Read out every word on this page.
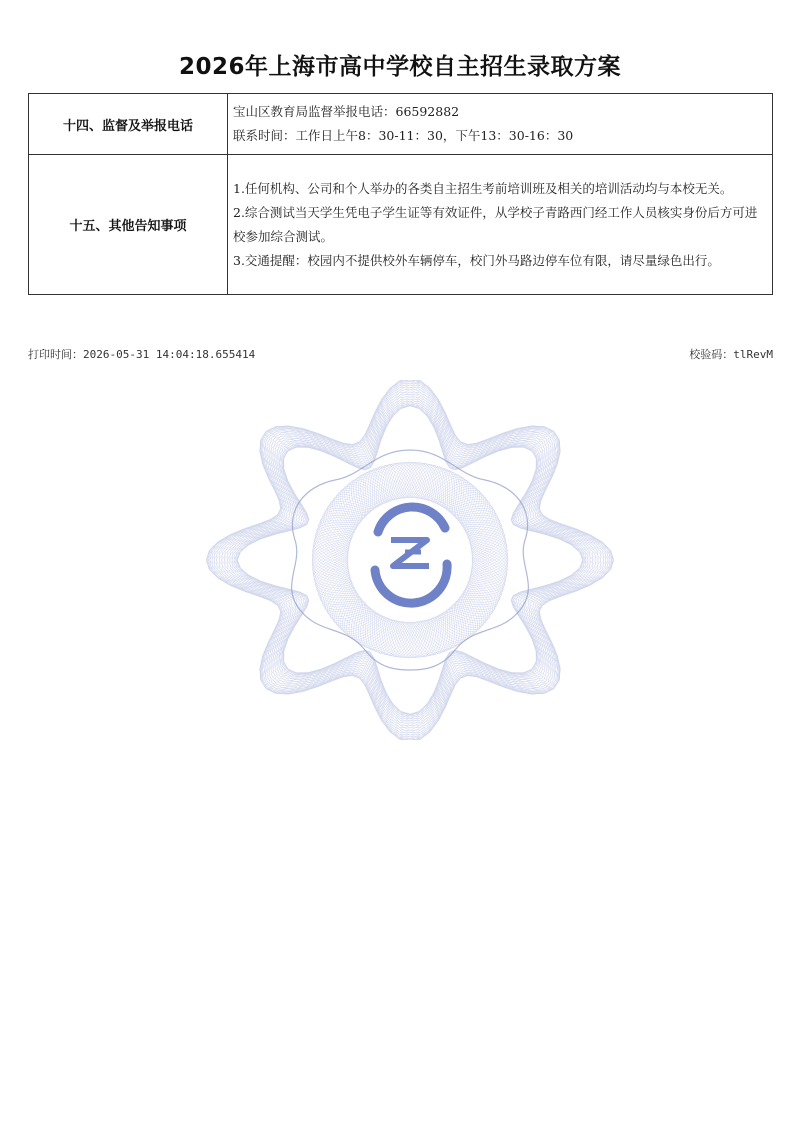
2026年上海市高中学校自主招生录取方案
十四、监督及举报电话	宝山区教育局监督举报电话：66592882
联系时间：工作日上午8：30-11：30，下午13：30-16：30

十五、其他告知事项	1.任何机构、公司和个人举办的各类自主招生考前培训班及相关的培训活动均与本校无关。
2.综合测试当天学生凭电子学生证等有效证件，从学校子青路西门经工作人员核实身份后方可进校参加综合测试。
3.交通提醒：校园内不提供校外车辆停车，校门外马路边停车位有限，请尽量绿色出行。
打印时间：2026-05-31 14:04:18.655414	校验码：tlRevM
